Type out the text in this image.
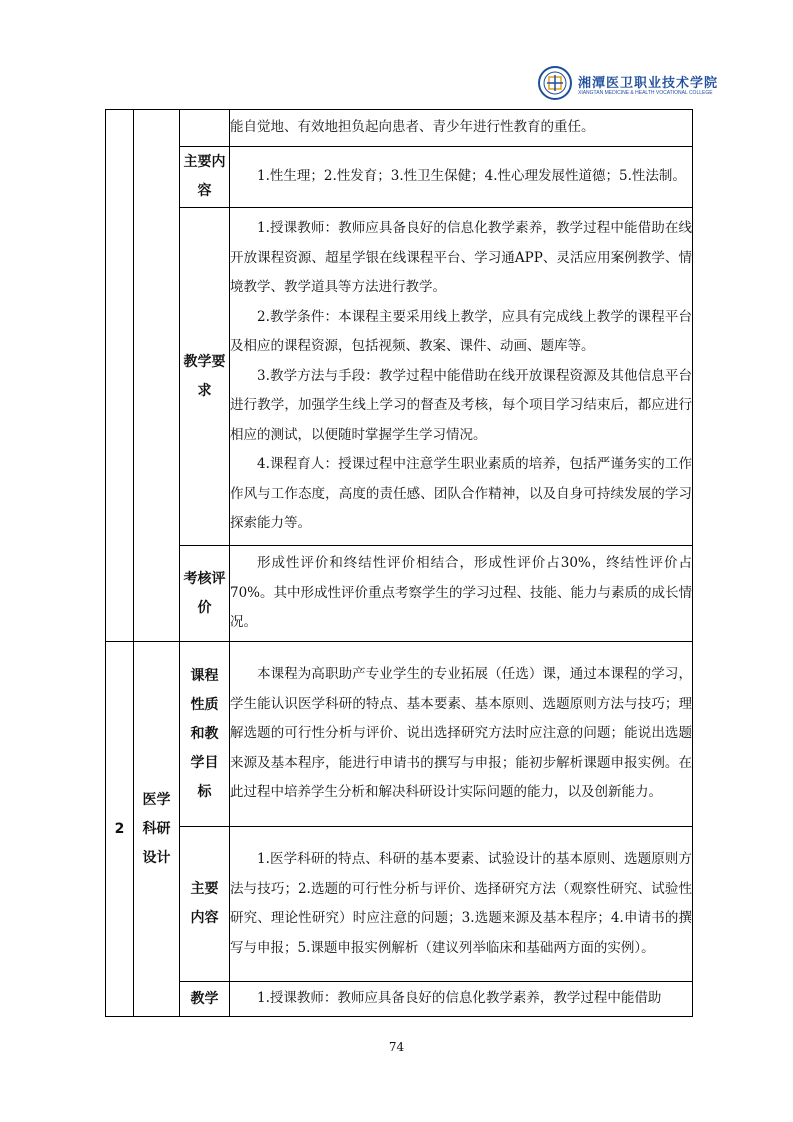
湘潭医卫职业技术学院
XIANGTAN MEDICINE & HEALTH VOCATIONAL COLLEGE

			能自觉地、有效地担负起向患者、青少年进行性教育的重任。

		主要内容	1.性生理；2.性发育；3.性卫生保健；4.性心理发展性道德；5.性法制。

		教学要求	1.授课教师：教师应具备良好的信息化教学素养，教学过程中能借助在线开放课程资源、超星学银在线课程平台、学习通APP、灵活应用案例教学、情境教学、教学道具等方法进行教学。

2.教学条件：本课程主要采用线上教学，应具有完成线上教学的课程平台及相应的课程资源，包括视频、教案、课件、动画、题库等。

3.教学方法与手段：教学过程中能借助在线开放课程资源及其他信息平台进行教学，加强学生线上学习的督查及考核，每个项目学习结束后，都应进行相应的测试，以便随时掌握学生学习情况。

4.课程育人：授课过程中注意学生职业素质的培养，包括严谨务实的工作作风与工作态度，高度的责任感、团队合作精神，以及自身可持续发展的学习探索能力等。

		考核评价	形成性评价和终结性评价相结合，形成性评价占30%，终结性评价占70%。其中形成性评价重点考察学生的学习过程、技能、能力与素质的成长情况。

2	医学科研设计	课程性质和教学目标	本课程为高职助产专业学生的专业拓展（任选）课，通过本课程的学习，学生能认识医学科研的特点、基本要素、基本原则、选题原则方法与技巧；理解选题的可行性分析与评价、说出选择研究方法时应注意的问题；能说出选题来源及基本程序，能进行申请书的撰写与申报；能初步解析课题申报实例。在此过程中培养学生分析和解决科研设计实际问题的能力，以及创新能力。

		主要内容	1.医学科研的特点、科研的基本要素、试验设计的基本原则、选题原则方法与技巧；2.选题的可行性分析与评价、选择研究方法（观察性研究、试验性研究、理论性研究）时应注意的问题；3.选题来源及基本程序；4.申请书的撰写与申报；5.课题申报实例解析（建议列举临床和基础两方面的实例）。

		教学	1.授课教师：教师应具备良好的信息化教学素养，教学过程中能借助

74
